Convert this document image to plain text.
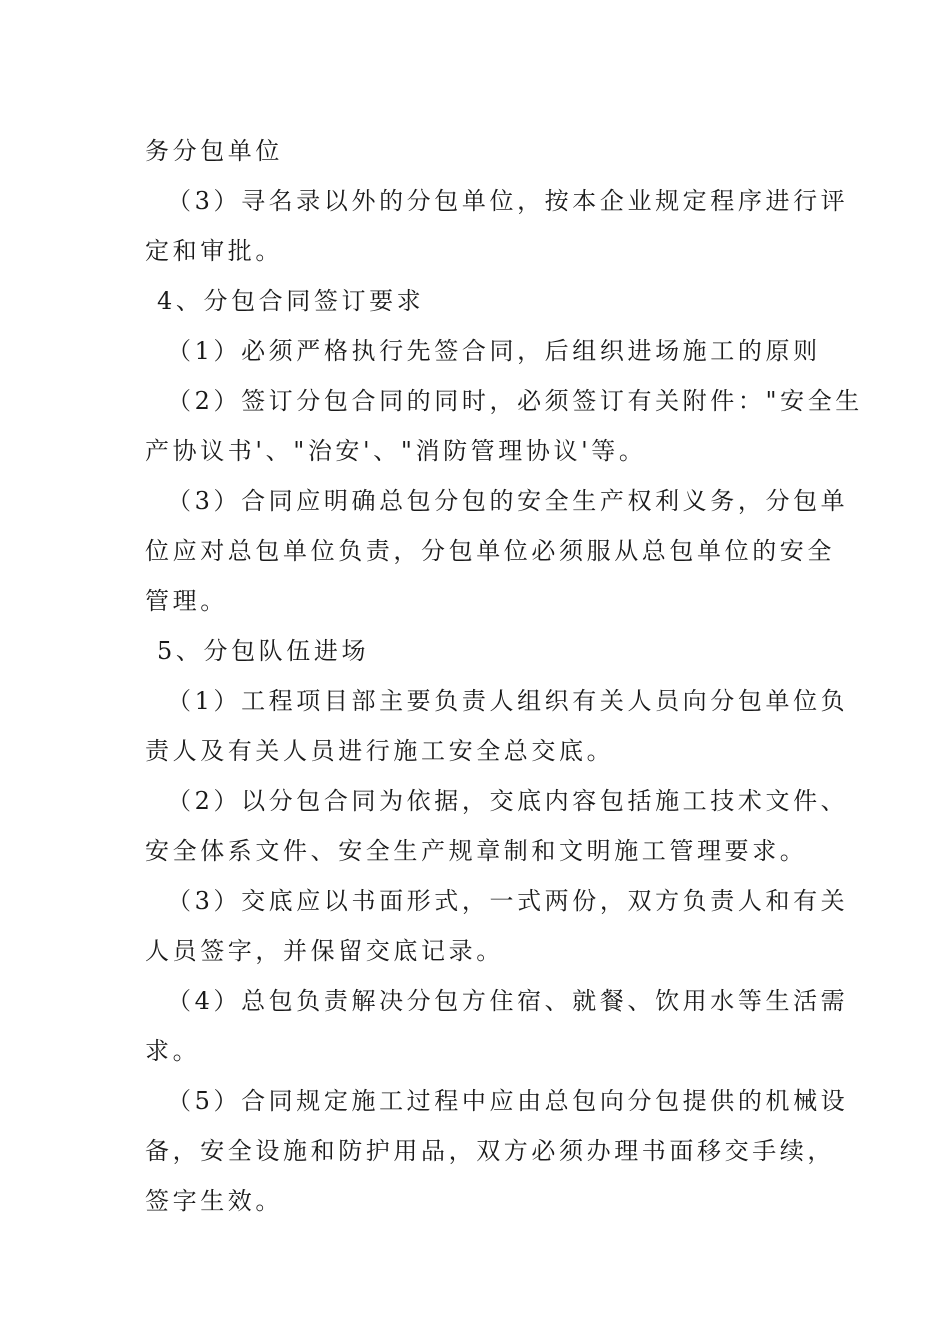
务分包单位
（3）寻名录以外的分包单位，按本企业规定程序进行评
定和审批。
4、分包合同签订要求
（1）必须严格执行先签合同，后组织进场施工的原则
（2）签订分包合同的同时，必须签订有关附件："安全生
产协议书'、"治安'、"消防管理协议'等。
（3）合同应明确总包分包的安全生产权利义务，分包单
位应对总包单位负责，分包单位必须服从总包单位的安全
管理。
5、分包队伍进场
（1）工程项目部主要负责人组织有关人员向分包单位负
责人及有关人员进行施工安全总交底。
（2）以分包合同为依据，交底内容包括施工技术文件、
安全体系文件、安全生产规章制和文明施工管理要求。
（3）交底应以书面形式，一式两份，双方负责人和有关
人员签字，并保留交底记录。
（4）总包负责解决分包方住宿、就餐、饮用水等生活需
求。
（5）合同规定施工过程中应由总包向分包提供的机械设
备，安全设施和防护用品，双方必须办理书面移交手续，
签字生效。
